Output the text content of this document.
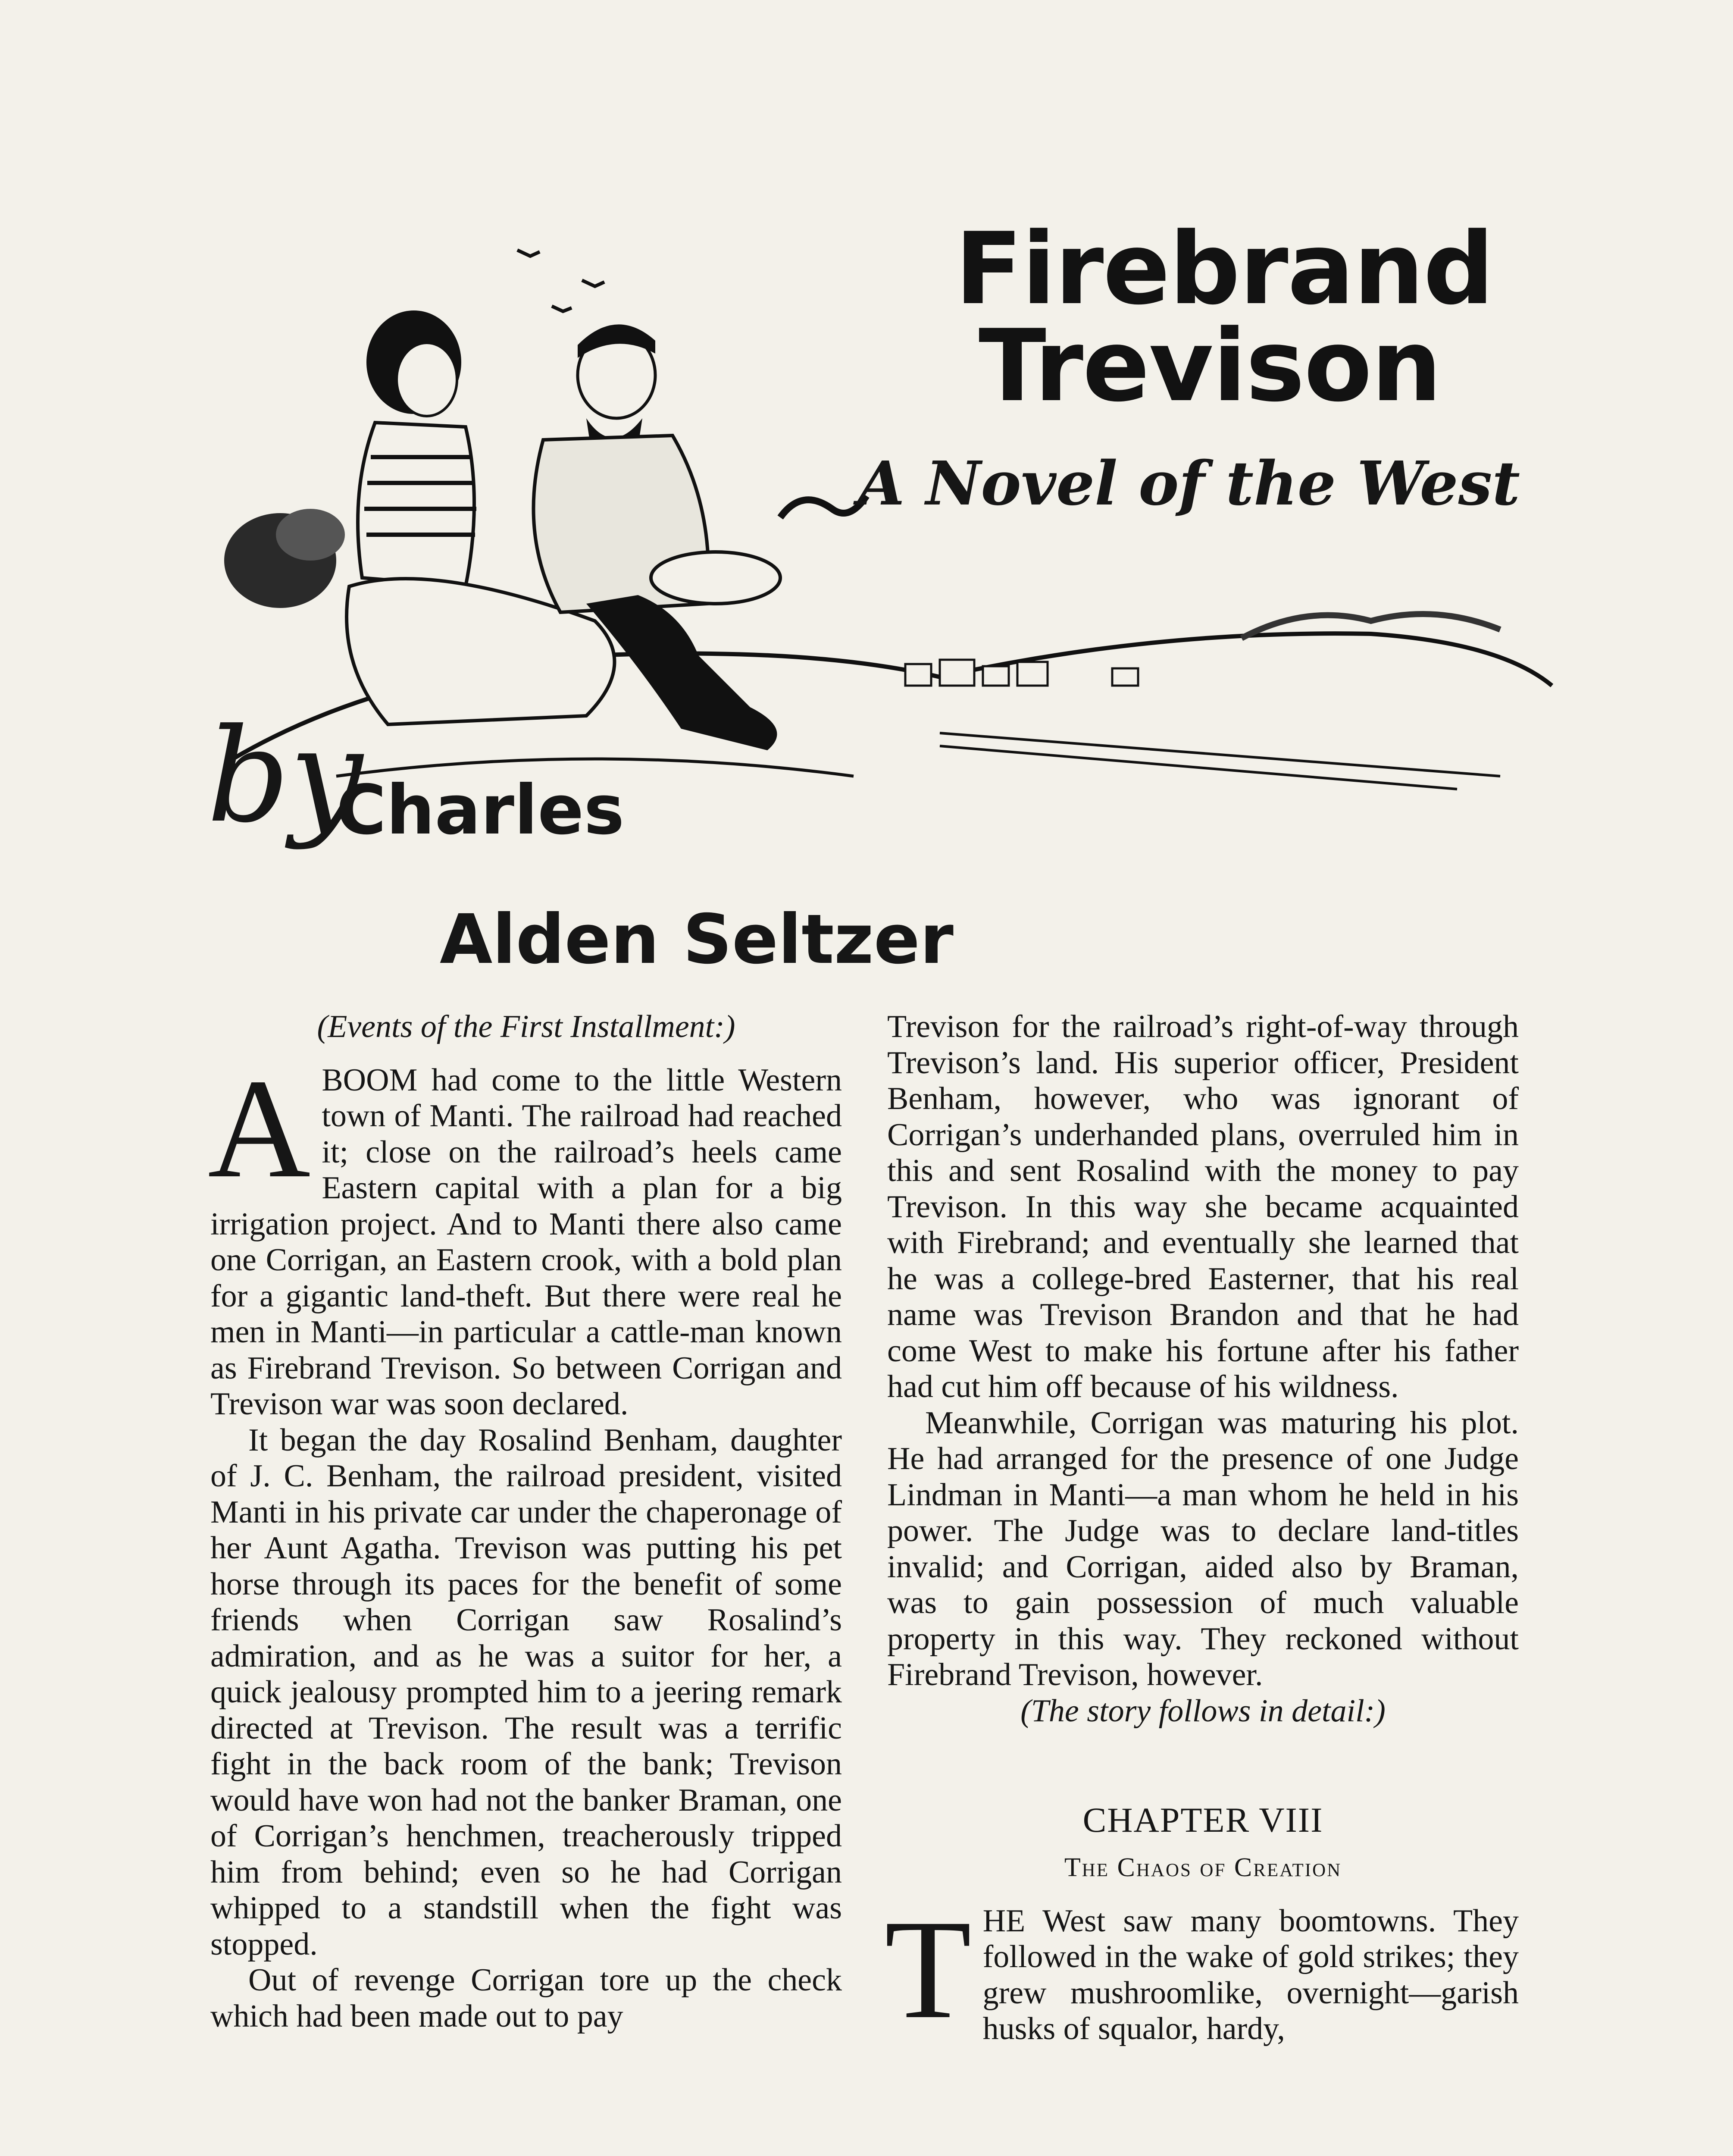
Firebrand
Trevison
A Novel of the West
by
Charles
Alden Seltzer

(Events of the First Installment:)

A BOOM had come to the little Western town of Manti. The railroad had reached it; close on the railroad’s heels came Eastern capital with a plan for a big irrigation project. And to Manti there also came one Corrigan, an Eastern crook, with a bold plan for a gigantic land-theft. But there were real he men in Manti—in particular a cattle-man known as Firebrand Trevison. So between Corrigan and Trevison war was soon declared.

It began the day Rosalind Benham, daughter of J. C. Benham, the railroad president, visited Manti in his private car under the chaperonage of her Aunt Agatha. Trevison was putting his pet horse through its paces for the benefit of some friends when Corrigan saw Rosalind’s admiration, and as he was a suitor for her, a quick jealousy prompted him to a jeering remark directed at Trevison. The result was a terrific fight in the back room of the bank; Trevison would have won had not the banker Braman, one of Corrigan’s henchmen, treacherously tripped him from behind; even so he had Corrigan whipped to a standstill when the fight was stopped.

Out of revenge Corrigan tore up the check which had been made out to pay

Trevison for the railroad’s right-of-way through Trevison’s land. His superior officer, President Benham, however, who was ignorant of Corrigan’s underhanded plans, overruled him in this and sent Rosalind with the money to pay Trevison. In this way she became acquainted with Firebrand; and eventually she learned that he was a college-bred Easterner, that his real name was Trevison Brandon and that he had come West to make his fortune after his father had cut him off because of his wildness.

Meanwhile, Corrigan was maturing his plot. He had arranged for the presence of one Judge Lindman in Manti—a man whom he held in his power. The Judge was to declare land-titles invalid; and Corrigan, aided also by Braman, was to gain possession of much valuable property in this way. They reckoned without Firebrand Trevison, however.

(The story follows in detail:)

CHAPTER VIII
The Chaos of Creation

T HE West saw many boomtowns. They followed in the wake of gold strikes; they grew mushroomlike, overnight—garish husks of squalor, hardy,
